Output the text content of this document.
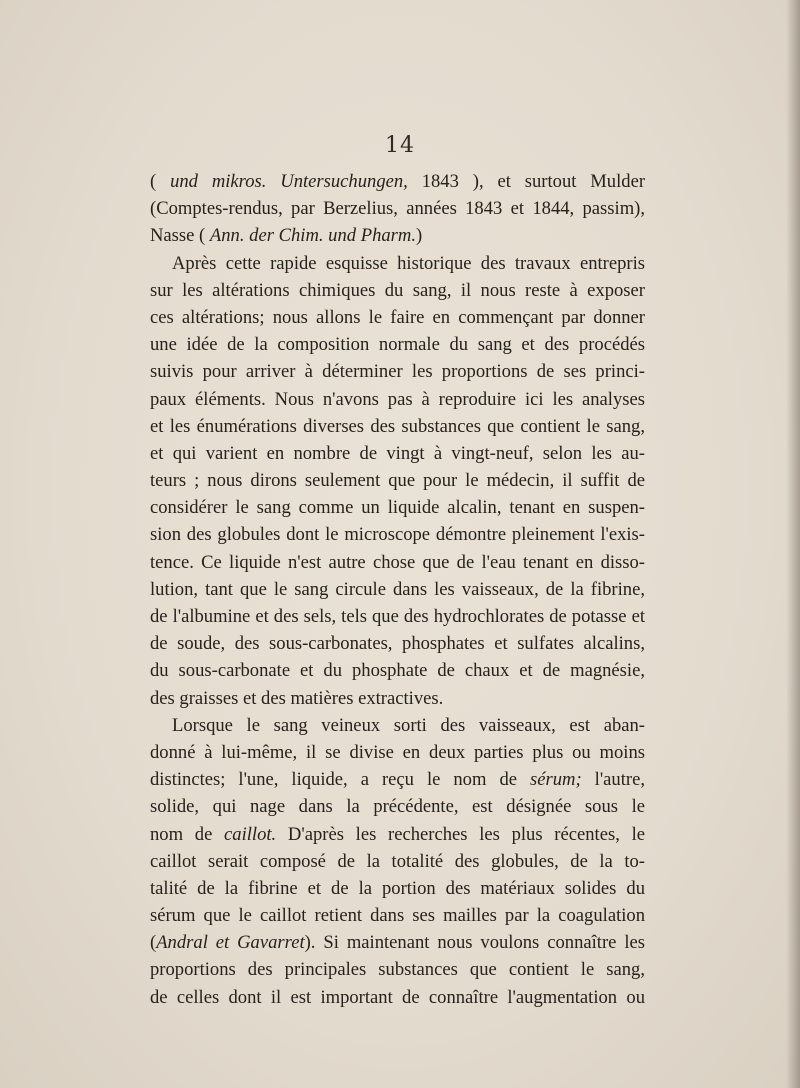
14
( und mikros. Untersuchungen, 1843 ), et surtout Mulder
(Comptes-rendus, par Berzelius, années 1843 et 1844, passim),
Nasse ( Ann. der Chim. und Pharm.)
Après cette rapide esquisse historique des travaux entrepris
sur les altérations chimiques du sang, il nous reste à exposer
ces altérations; nous allons le faire en commençant par donner
une idée de la composition normale du sang et des procédés
suivis pour arriver à déterminer les proportions de ses princi-
paux éléments. Nous n'avons pas à reproduire ici les analyses
et les énumérations diverses des substances que contient le sang,
et qui varient en nombre de vingt à vingt-neuf, selon les au-
teurs ; nous dirons seulement que pour le médecin, il suffit de
considérer le sang comme un liquide alcalin, tenant en suspen-
sion des globules dont le microscope démontre pleinement l'exis-
tence. Ce liquide n'est autre chose que de l'eau tenant en disso-
lution, tant que le sang circule dans les vaisseaux, de la fibrine,
de l'albumine et des sels, tels que des hydrochlorates de potasse et
de soude, des sous-carbonates, phosphates et sulfates alcalins,
du sous-carbonate et du phosphate de chaux et de magnésie,
des graisses et des matières extractives.
Lorsque le sang veineux sorti des vaisseaux, est aban-
donné à lui-même, il se divise en deux parties plus ou moins
distinctes; l'une, liquide, a reçu le nom de sérum; l'autre,
solide, qui nage dans la précédente, est désignée sous le
nom de caillot. D'après les recherches les plus récentes, le
caillot serait composé de la totalité des globules, de la to-
talité de la fibrine et de la portion des matériaux solides du
sérum que le caillot retient dans ses mailles par la coagulation
(Andral et Gavarret). Si maintenant nous voulons connaître les
proportions des principales substances que contient le sang,
de celles dont il est important de connaître l'augmentation ou
